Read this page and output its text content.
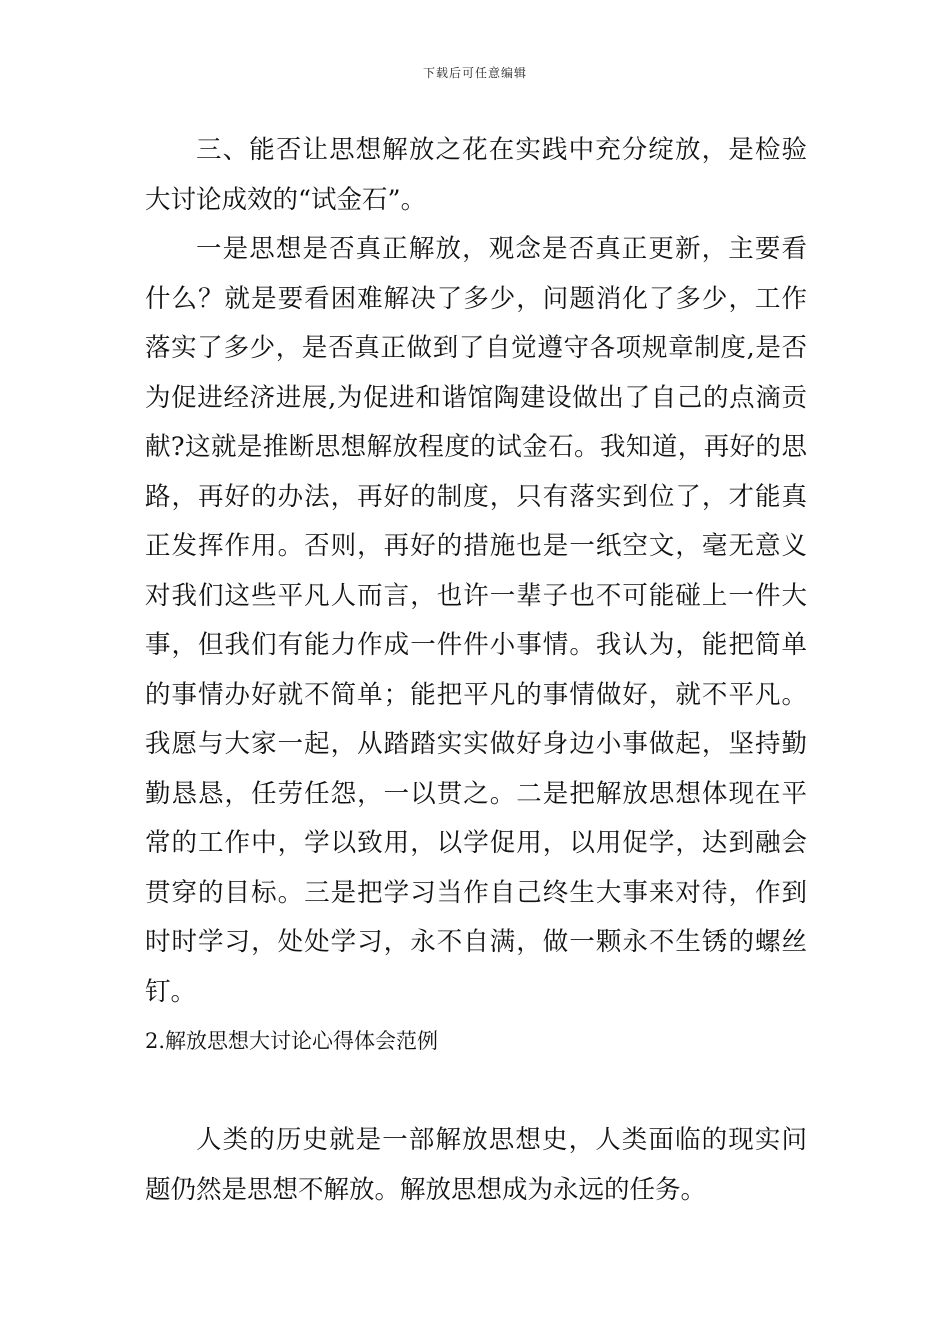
下载后可任意编辑

三、能否让思想解放之花在实践中充分绽放，是检验大讨论成效的“试金石”。

一是思想是否真正解放，观念是否真正更新，主要看什么？就是要看困难解决了多少，问题消化了多少，工作落实了多少，是否真正做到了自觉遵守各项规章制度,是否为促进经济进展,为促进和谐馆陶建设做出了自己的点滴贡献?这就是推断思想解放程度的试金石。我知道，再好的思路，再好的办法，再好的制度，只有落实到位了，才能真正发挥作用。否则，再好的措施也是一纸空文，毫无意义对我们这些平凡人而言，也许一辈子也不可能碰上一件大事，但我们有能力作成一件件小事情。我认为，能把简单的事情办好就不简单；能把平凡的事情做好，就不平凡。我愿与大家一起，从踏踏实实做好身边小事做起，坚持勤勤恳恳，任劳任怨，一以贯之。二是把解放思想体现在平常的工作中，学以致用，以学促用，以用促学，达到融会贯穿的目标。三是把学习当作自己终生大事来对待，作到时时学习，处处学习，永不自满，做一颗永不生锈的螺丝钉。

2.解放思想大讨论心得体会范例

人类的历史就是一部解放思想史，人类面临的现实问题仍然是思想不解放。解放思想成为永远的任务。
